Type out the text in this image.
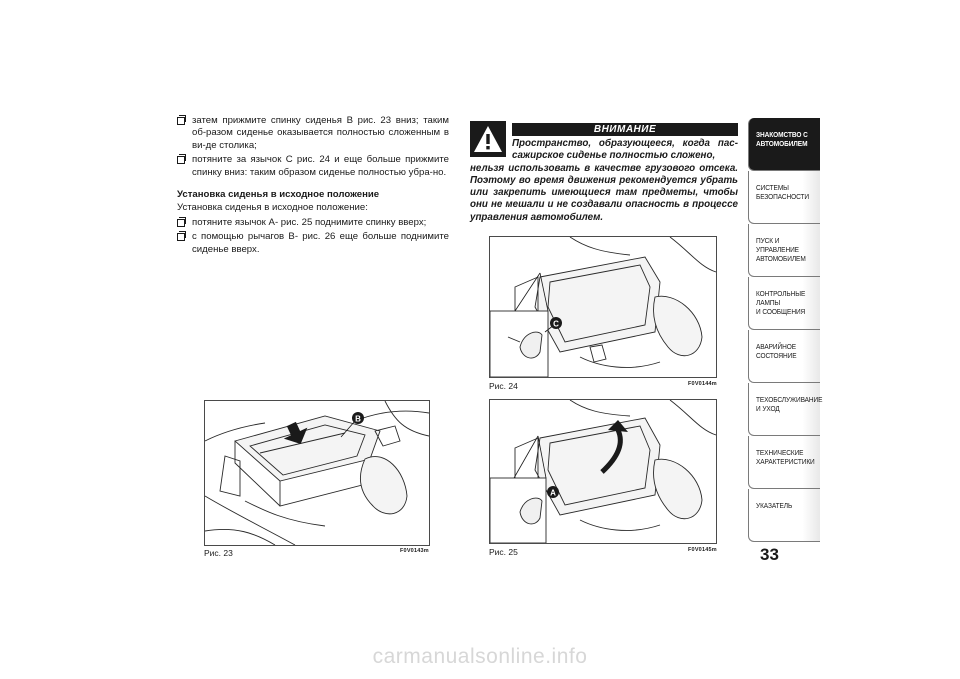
затем прижмите спинку сиденья B рис. 23 вниз; таким об-разом сиденье оказывается полностью сложенным в ви-де столика;
потяните за язычок C рис. 24 и еще больше прижмите спинку вниз: таким образом сиденье полностью убра-но.
Установка сиденья в исходное положение
Установка сиденья в исходное положение:
потяните язычок A- рис. 25 поднимите спинку вверх;
с помощью рычагов B- рис. 26 еще больше поднимите сиденье вверх.
ВНИМАНИЕ
Пространство, образующееся, когда пас-сажирское сиденье полностью сложено,
нельзя использовать в качестве грузового отсека. Поэтому во время движения рекомендуется убрать или закрепить имеющиеся там предметы, чтобы они не мешали и не создавали опасность в процессе управления автомобилем.
B
Рис. 23	F0V0143m
C
Рис. 24	F0V0144m
A
Рис. 25	F0V0145m
ЗНАКОМСТВО С
АВТОМОБИЛЕМ
СИСТЕМЫ
БЕЗОПАСНОСТИ
ПУСК И УПРАВЛЕНИЕ
АВТОМОБИЛЕМ
КОНТРОЛЬНЫЕ
ЛАМПЫ
И СООБЩЕНИЯ
АВАРИЙНОЕ
СОСТОЯНИЕ
ТЕХОБСЛУЖИВАНИЕ
И УХОД
ТЕХНИЧЕСКИЕ
ХАРАКТЕРИСТИКИ
УКАЗАТЕЛЬ
33
carmanualsonline.info
